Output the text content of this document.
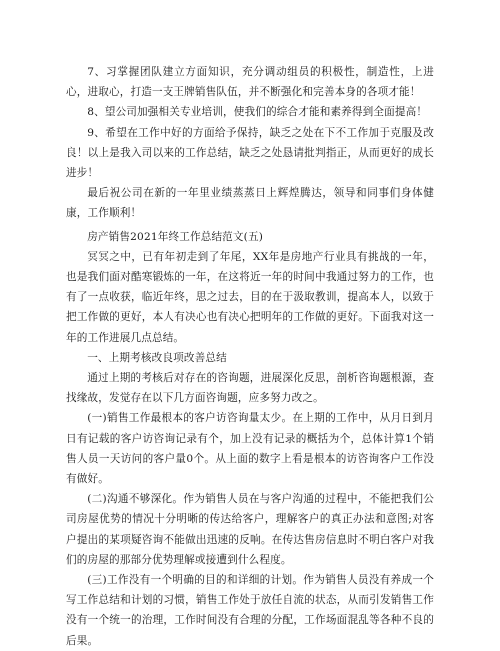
7、习掌握团队建立方面知识，充分调动组员的积极性，制造性，上进心，进取心，打造一支王牌销售队伍，并不断强化和完善本身的各项才能！

8、望公司加强相关专业培训，使我们的综合才能和素养得到全面提高！

9、希望在工作中好的方面给予保持，缺乏之处在下不工作加于克服及改良！以上是我入司以来的工作总结，缺乏之处恳请批判指正，从而更好的成长进步！

最后祝公司在新的一年里业绩蒸蒸日上辉煌腾达，领导和同事们身体健康，工作顺利！

房产销售2021年终工作总结范文(五)

冥冥之中，已有年初走到了年尾，XX年是房地产行业具有挑战的一年，也是我们面对酷寒锻炼的一年，在这将近一年的时间中我通过努力的工作，也有了一点收获，临近年终，思之过去，目的在于汲取教训，提高本人，以致于把工作做的更好，本人有决心也有决心把明年的工作做的更好。下面我对这一年的工作进展几点总结。

一、上期考核改良项改善总结

通过上期的考核后对存在的咨询题，进展深化反思，剖析咨询题根源，查找缘故，发觉存在以下几方面咨询题，应多努力改之。

(一)销售工作最根本的客户访咨询量太少。在上期的工作中，从月日到月日有记载的客户访咨询记录有个，加上没有记录的概括为个，总体计算1个销售人员一天访问的客户量0个。从上面的数字上看是根本的访咨询客户工作没有做好。

(二)沟通不够深化。作为销售人员在与客户沟通的过程中，不能把我们公司房屋优势的情况十分明晰的传达给客户，理解客户的真正办法和意图;对客户提出的某项疑咨询不能做出迅速的反响。在传达售房信息时不明白客户对我们的房屋的那部分优势理解或接遭到什么程度。

(三)工作没有一个明确的目的和详细的计划。作为销售人员没有养成一个写工作总结和计划的习惯，销售工作处于放任自流的状态，从而引发销售工作没有一个统一的治理，工作时间没有合理的分配，工作场面混乱等各种不良的后果。
